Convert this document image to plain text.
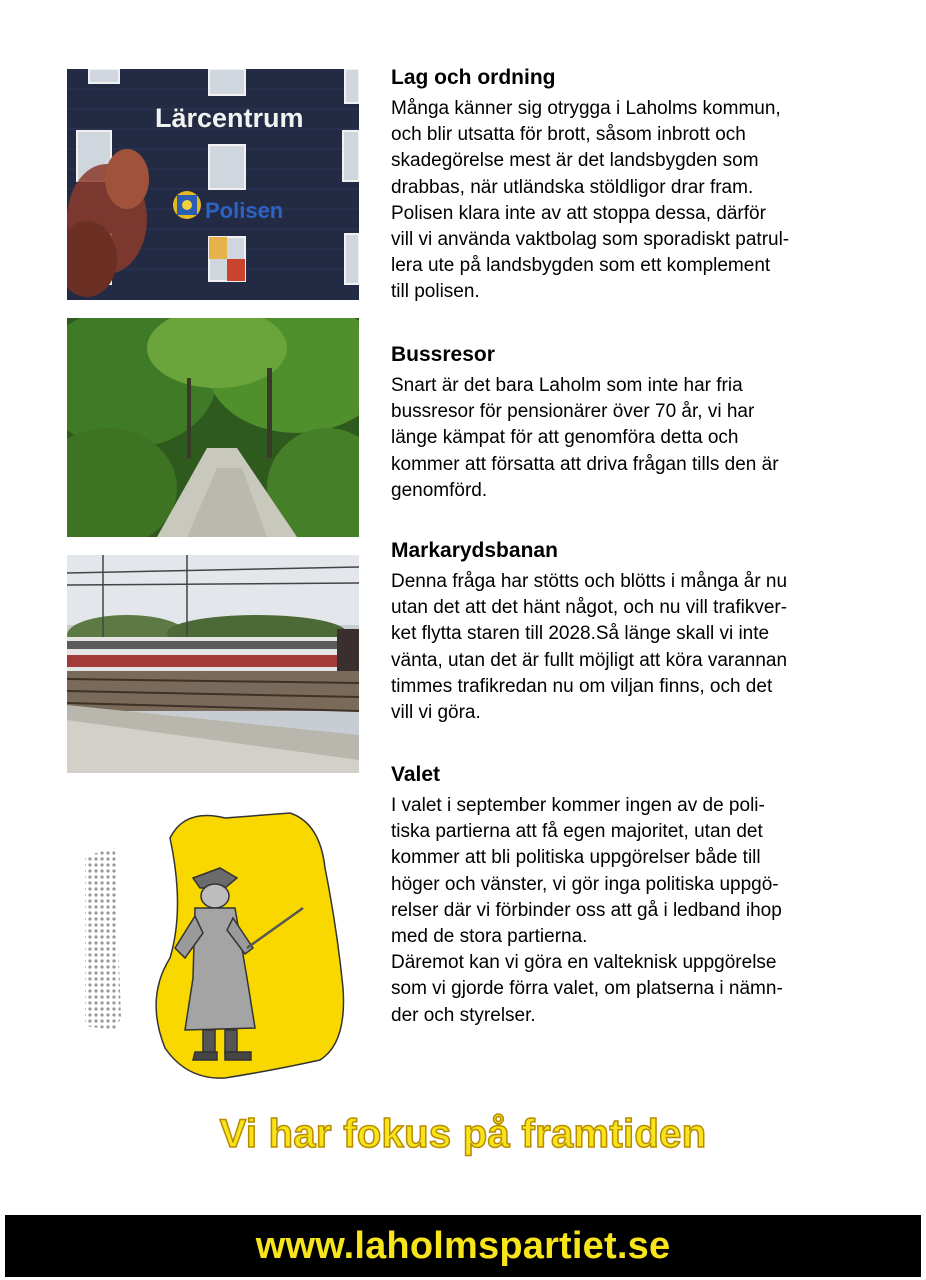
Lärcentrum
Polisen
Lag och ordning

Många känner sig otrygga i Laholms kommun,
och blir utsatta för brott, såsom inbrott och
skadegörelse mest är det landsbygden som
drabbas, när utländska stöldligor drar fram.
Polisen klara inte av att stoppa dessa, därför
vill vi använda vaktbolag som sporadiskt patrul-
lera ute på landsbygden som ett komplement
till polisen.

Bussresor

Snart är det bara Laholm som inte har fria
bussresor för pensionärer över 70 år, vi har
länge kämpat för att genomföra detta och
kommer att försatta att driva frågan tills den är
genomförd.

Markarydsbanan

Denna fråga har stötts och blötts i många år nu
utan det att det hänt något, och nu vill trafikver-
ket flytta staren till 2028.Så länge skall vi inte
vänta, utan det är fullt möjligt att köra varannan
timmes trafikredan nu om viljan finns, och det
vill vi göra.

Valet

I valet i september kommer ingen av de poli-
tiska partierna att få egen majoritet, utan det
kommer att bli politiska uppgörelser både till
höger och vänster, vi gör inga politiska uppgö-
relser där vi förbinder oss att gå i ledband ihop
med de stora partierna.
Däremot kan vi göra en valteknisk uppgörelse
som vi gjorde förra valet, om platserna i nämn-
der och styrelser.

Vi har fokus på framtiden
www.laholmspartiet.se
